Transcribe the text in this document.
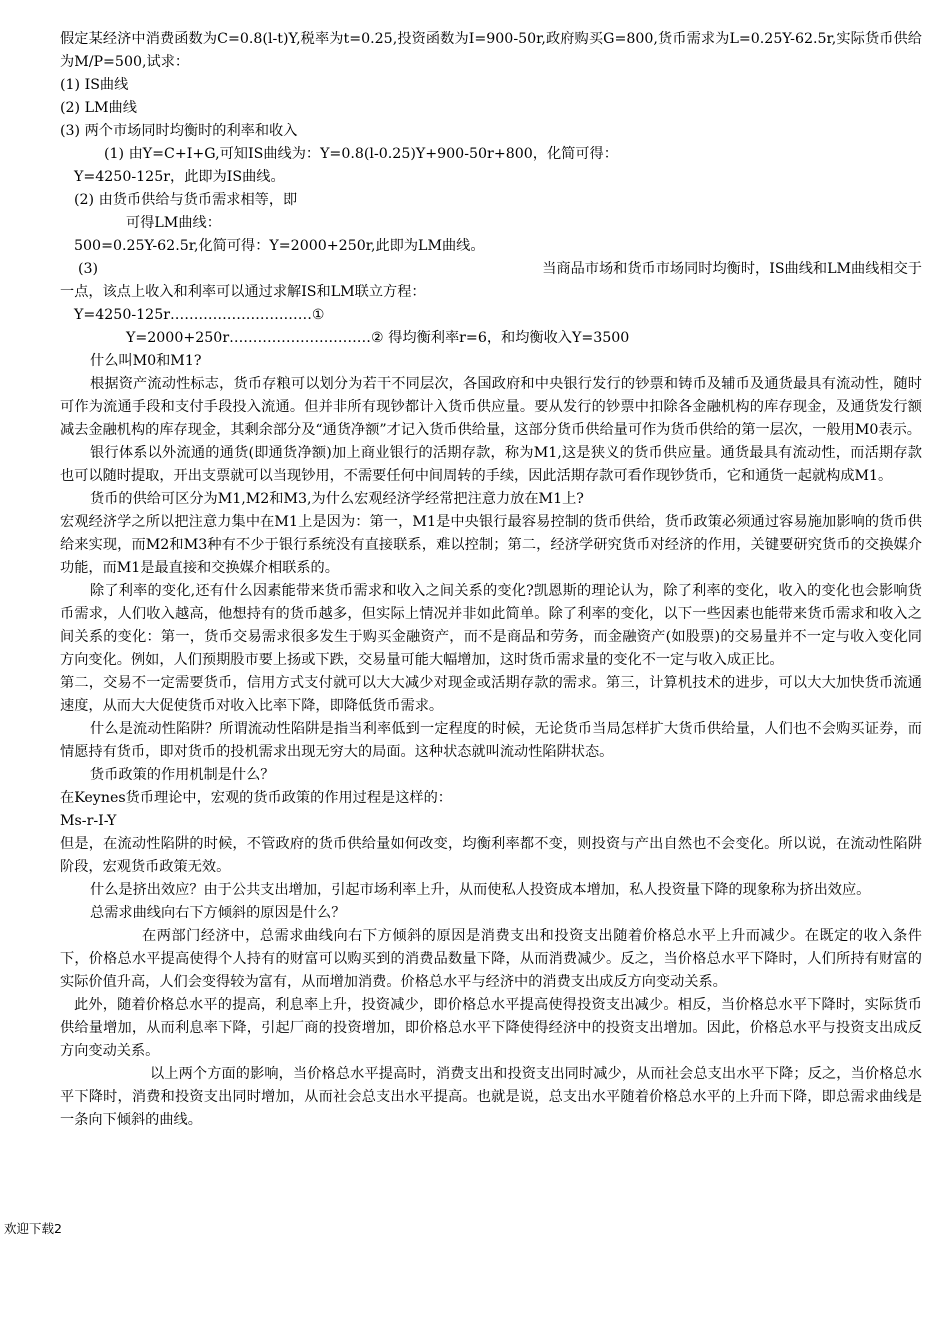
假定某经济中消费函数为C=0.8(l-t)Y,税率为t=0.25,投资函数为I=900-50r,政府购买G=800,货币需求为L=0.25Y-62.5r,实际货币供给为M/P=500,试求：

(1) IS曲线

(2) LM曲线

(3) 两个市场同时均衡时的利率和收入

(1) 由Y=C+I+G,可知IS曲线为：Y=0.8(l-0.25)Y+900-50r+800，化简可得：

Y=4250-125r，此即为IS曲线。

(2) 由货币供给与货币需求相等，即

可得LM曲线：

500=0.25Y-62.5r,化简可得：Y=2000+250r,此即为LM曲线。

(3)	当商品市场和货币市场同时均衡时，IS曲线和LM曲线相交于

一点，该点上收入和利率可以通过求解IS和LM联立方程：

Y=4250-125r…………………………①

Y=2000+250r…………………………② 得均衡利率r=6，和均衡收入Y=3500

什么叫M0和M1?

根据资产流动性标志，货币存粮可以划分为若干不同层次，各国政府和中央银行发行的钞票和铸币及辅币及通货最具有流动性，随时可作为流通手段和支付手段投入流通。但并非所有现钞都计入货币供应量。要从发行的钞票中扣除各金融机构的库存现金，及通货发行额减去金融机构的库存现金，其剩余部分及“通货净额”才记入货币供给量，这部分货币供给量可作为货币供给的第一层次，一般用M0表示。

银行体系以外流通的通货(即通货净额)加上商业银行的活期存款，称为M1,这是狭义的货币供应量。通货最具有流动性，而活期存款也可以随时提取，开出支票就可以当现钞用，不需要任何中间周转的手续，因此活期存款可看作现钞货币，它和通货一起就构成M1。

货币的供给可区分为M1,M2和M3,为什么宏观经济学经常把注意力放在M1上?

宏观经济学之所以把注意力集中在M1上是因为：第一，M1是中央银行最容易控制的货币供给，货币政策必须通过容易施加影响的货币供给来实现，而M2和M3种有不少于银行系统没有直接联系，难以控制；第二，经济学研究货币对经济的作用，关键要研究货币的交换媒介功能，而M1是最直接和交换媒介相联系的。

除了利率的变化,还有什么因素能带来货币需求和收入之间关系的变化?凯恩斯的理论认为，除了利率的变化，收入的变化也会影响货币需求，人们收入越高，他想持有的货币越多，但实际上情况并非如此简单。除了利率的变化，以下一些因素也能带来货币需求和收入之间关系的变化：第一，货币交易需求很多发生于购买金融资产，而不是商品和劳务，而金融资产(如股票)的交易量并不一定与收入变化同方向变化。例如，人们预期股市要上扬或下跌，交易量可能大幅增加，这时货币需求量的变化不一定与收入成正比。

第二，交易不一定需要货币，信用方式支付就可以大大减少对现金或活期存款的需求。第三，计算机技术的进步，可以大大加快货币流通速度，从而大大促使货币对收入比率下降，即降低货币需求。

什么是流动性陷阱？所谓流动性陷阱是指当利率低到一定程度的时候，无论货币当局怎样扩大货币供给量，人们也不会购买证券，而情愿持有货币，即对货币的投机需求出现无穷大的局面。这种状态就叫流动性陷阱状态。

货币政策的作用机制是什么？

在Keynes货币理论中，宏观的货币政策的作用过程是这样的：

Ms-r-I-Y

但是，在流动性陷阱的时候，不管政府的货币供给量如何改变，均衡利率都不变，则投资与产出自然也不会变化。所以说，在流动性陷阱阶段，宏观货币政策无效。

什么是挤出效应？由于公共支出增加，引起市场利率上升，从而使私人投资成本增加，私人投资量下降的现象称为挤出效应。

总需求曲线向右下方倾斜的原因是什么？

在两部门经济中，总需求曲线向右下方倾斜的原因是消费支出和投资支出随着价格总水平上升而减少。在既定的收入条件下，价格总水平提高使得个人持有的财富可以购买到的消费品数量下降，从而消费减少。反之，当价格总水平下降时，人们所持有财富的实际价值升高，人们会变得较为富有，从而增加消费。价格总水平与经济中的消费支出成反方向变动关系。

此外，随着价格总水平的提高，利息率上升，投资减少，即价格总水平提高使得投资支出减少。相反，当价格总水平下降时，实际货币供给量增加，从而利息率下降，引起厂商的投资增加，即价格总水平下降使得经济中的投资支出增加。因此，价格总水平与投资支出成反方向变动关系。

以上两个方面的影响，当价格总水平提高时，消费支出和投资支出同时减少，从而社会总支出水平下降；反之，当价格总水平下降时，消费和投资支出同时增加，从而社会总支出水平提高。也就是说，总支出水平随着价格总水平的上升而下降，即总需求曲线是一条向下倾斜的曲线。

欢迎下载2
